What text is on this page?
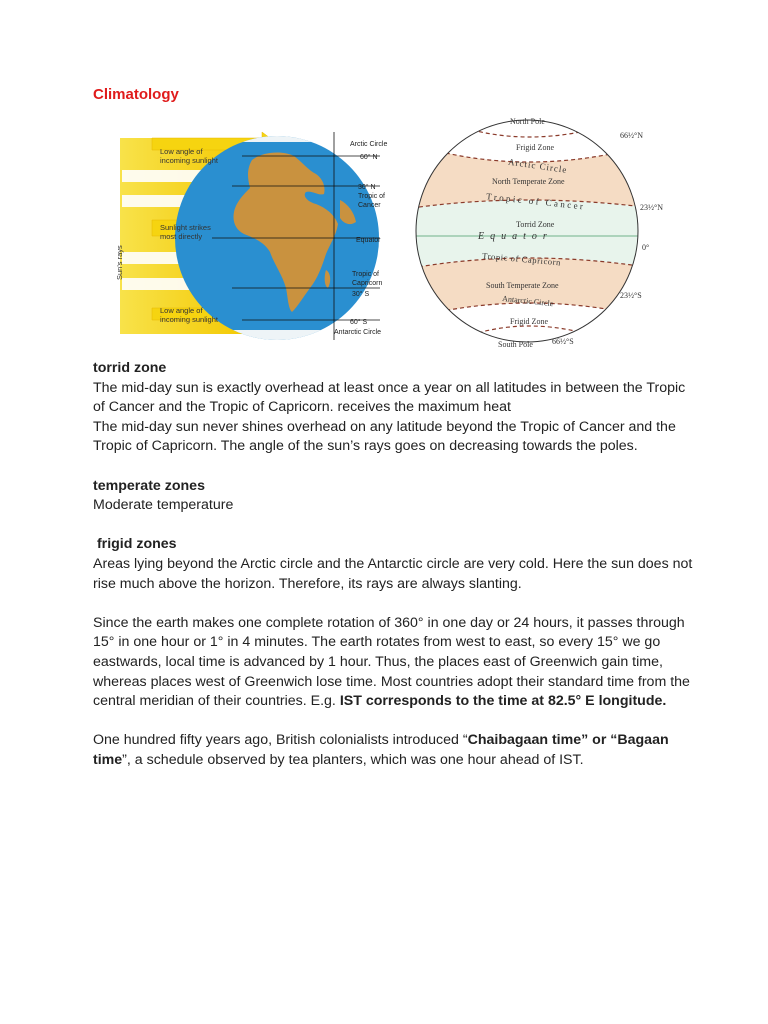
Climatology
Sun's rays
Low angle of
incoming sunlight
Sunlight strikes
most directly
Low angle of
incoming sunlight
Arctic Circle
60° N
30° N
Tropic of
Cancer
Equator
Tropic of
Capricorn
30° S
60° S
Antarctic Circle
North Pole
Frigid Zone
Arctic Circle
North Temperate Zone
Tropic of Cancer
Torrid Zone
Equator
Tropic of Capricorn
South Temperate Zone
Antarctic Circle
Frigid Zone
South Pole
66½°N
23½°N
0°
23½°S
66½°S

torrid zone

The mid-day sun is exactly overhead at least once a year on all latitudes in between the Tropic of Cancer and the Tropic of Capricorn. receives the maximum heat

The mid-day sun never shines overhead on any latitude beyond the Tropic of Cancer and the Tropic of Capricorn. The angle of the sun’s rays goes on decreasing towards the poles.

temperate zones

Moderate temperature

frigid zones

Areas lying beyond the Arctic circle and the Antarctic circle are very cold. Here the sun does not rise much above the horizon. Therefore, its rays are always slanting.

Since the earth makes one complete rotation of 360° in one day or 24 hours, it passes through 15° in one hour or 1° in 4 minutes. The earth rotates from west to east, so every 15° we go eastwards, local time is advanced by 1 hour. Thus, the places east of Greenwich gain time, whereas places west of Greenwich lose time. Most countries adopt their standard time from the central meridian of their countries. E.g. IST corresponds to the time at 82.5° E longitude.

One hundred fifty years ago, British colonialists introduced “Chaibagaan time” or “Bagaan time”, a schedule observed by tea planters, which was one hour ahead of IST.
